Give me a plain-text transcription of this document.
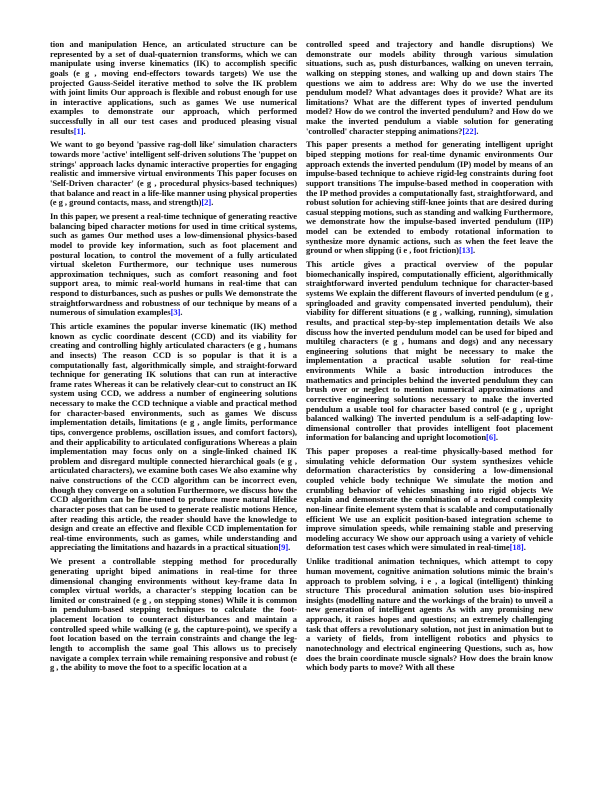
tion and manipulation Hence, an articulated structure can be represented by a set of dual-quaternion transforms, which we can manipulate using inverse kinematics (IK) to accomplish specific goals (e g , moving end-effectors towards targets) We use the projected Gauss-Seidel iterative method to solve the IK problem with joint limits Our approach is flexible and robust enough for use in interactive applications, such as games We use numerical examples to demonstrate our approach, which performed successfully in all our test cases and produced pleasing visual results[1].

We want to go beyond 'passive rag-doll like' simulation characters towards more 'active' intelligent self-driven solutions The 'puppet on strings' approach lacks dynamic interactive properties for engaging realistic and immersive virtual environments This paper focuses on 'Self-Driven character' (e g , procedural physics-based techniques) that balance and react in a life-like manner using physical properties (e g , ground contacts, mass, and strength)[2].

In this paper, we present a real-time technique of generating reactive balancing biped character motions for used in time critical systems, such as games Our method uses a low-dimensional physics-based model to provide key information, such as foot placement and postural location, to control the movement of a fully articulated virtual skeleton Furthermore, our technique uses numerous approximation techniques, such as comfort reasoning and foot support area, to mimic real-world humans in real-time that can respond to disturbances, such as pushes or pulls We demonstrate the straightforwardness and robustness of our technique by means of a numerous of simulation examples[3].

This article examines the popular inverse kinematic (IK) method known as cyclic coordinate descent (CCD) and its viability for creating and controlling highly articulated characters (e g , humans and insects) The reason CCD is so popular is that it is a computationally fast, algorithmically simple, and straight-forward technique for generating IK solutions that can run at interactive frame rates Whereas it can be relatively clear-cut to construct an IK system using CCD, we address a number of engineering solutions necessary to make the CCD technique a viable and practical method for character-based environments, such as games We discuss implementation details, limitations (e g , angle limits, performance tips, convergence problems, oscillation issues, and comfort factors), and their applicability to articulated configurations Whereas a plain implementation may focus only on a single-linked chained IK problem and disregard multiple connected hierarchical goals (e g , articulated characters), we examine both cases We also examine why naive constructions of the CCD algorithm can be incorrect even, though they converge on a solution Furthermore, we discuss how the CCD algorithm can be fine-tuned to produce more natural lifelike character poses that can be used to generate realistic motions Hence, after reading this article, the reader should have the knowledge to design and create an effective and flexible CCD implementation for real-time environments, such as games, while understanding and appreciating the limitations and hazards in a practical situation[9].

We present a controllable stepping method for procedurally generating upright biped animations in real-time for three dimensional changing environments without key-frame data In complex virtual worlds, a character's stepping location can be limited or constrained (e g , on stepping stones) While it is common in pendulum-based stepping techniques to calculate the foot-placement location to counteract disturbances and maintain a controlled speed while walking (e g, the capture-point), we specify a foot location based on the terrain constraints and change the leg-length to accomplish the same goal This allows us to precisely navigate a complex terrain while remaining responsive and robust (e g , the ability to move the foot to a specific location at a

controlled speed and trajectory and handle disruptions) We demonstrate our models ability through various simulation situations, such as, push disturbances, walking on uneven terrain, walking on stepping stones, and walking up and down stairs The questions we aim to address are: Why do we use the inverted pendulum model? What advantages does it provide? What are its limitations? What are the different types of inverted pendulum model? How do we control the inverted pendulum? and How do we make the inverted pendulum a viable solution for generating 'controlled' character stepping animations?[22].

This paper presents a method for generating intelligent upright biped stepping motions for real-time dynamic environments Our approach extends the inverted pendulum (IP) model by means of an impulse-based technique to achieve rigid-leg constraints during foot support transitions The impulse-based method in cooperation with the IP method provides a computationally fast, straightforward, and robust solution for achieving stiff-knee joints that are desired during casual stepping motions, such as standing and walking Furthermore, we demonstrate how the impulse-based inverted pendulum (IIP) model can be extended to embody rotational information to synthesize more dynamic actions, such as when the feet leave the ground or when slipping (i e , foot friction)[13].

This article gives a practical overview of the popular biomechanically inspired, computationally efficient, algorithmically straightforward inverted pendulum technique for character-based systems We explain the different flavours of inverted pendulum (e g , springloaded and gravity compensated inverted pendulum), their viability for different situations (e g , walking, running), simulation results, and practical step-by-step implementation details We also discuss how the inverted pendulum model can be used for biped and multileg characters (e g , humans and dogs) and any necessary engineering solutions that might be necessary to make the implementation a practical usable solution for real-time environments While a basic introduction introduces the mathematics and principles behind the inverted pendulum they can brush over or neglect to mention numerical approximations and corrective engineering solutions necessary to make the inverted pendulum a usable tool for character based control (e g , upright balanced walking) The inverted pendulum is a self-adapting low-dimensional controller that provides intelligent foot placement information for balancing and upright locomotion[6].

This paper proposes a real-time physically-based method for simulating vehicle deformation Our system synthesizes vehicle deformation characteristics by considering a low-dimensional coupled vehicle body technique We simulate the motion and crumbling behavior of vehicles smashing into rigid objects We explain and demonstrate the combination of a reduced complexity non-linear finite element system that is scalable and computationally efficient We use an explicit position-based integration scheme to improve simulation speeds, while remaining stable and preserving modeling accuracy We show our approach using a variety of vehicle deformation test cases which were simulated in real-time[18].

Unlike traditional animation techniques, which attempt to copy human movement, cognitive animation solutions mimic the brain's approach to problem solving, i e , a logical (intelligent) thinking structure This procedural animation solution uses bio-inspired insights (modelling nature and the workings of the brain) to unveil a new generation of intelligent agents As with any promising new approach, it raises hopes and questions; an extremely challenging task that offers a revolutionary solution, not just in animation but to a variety of fields, from intelligent robotics and physics to nanotechnology and electrical engineering Questions, such as, how does the brain coordinate muscle signals? How does the brain know which body parts to move? With all these
